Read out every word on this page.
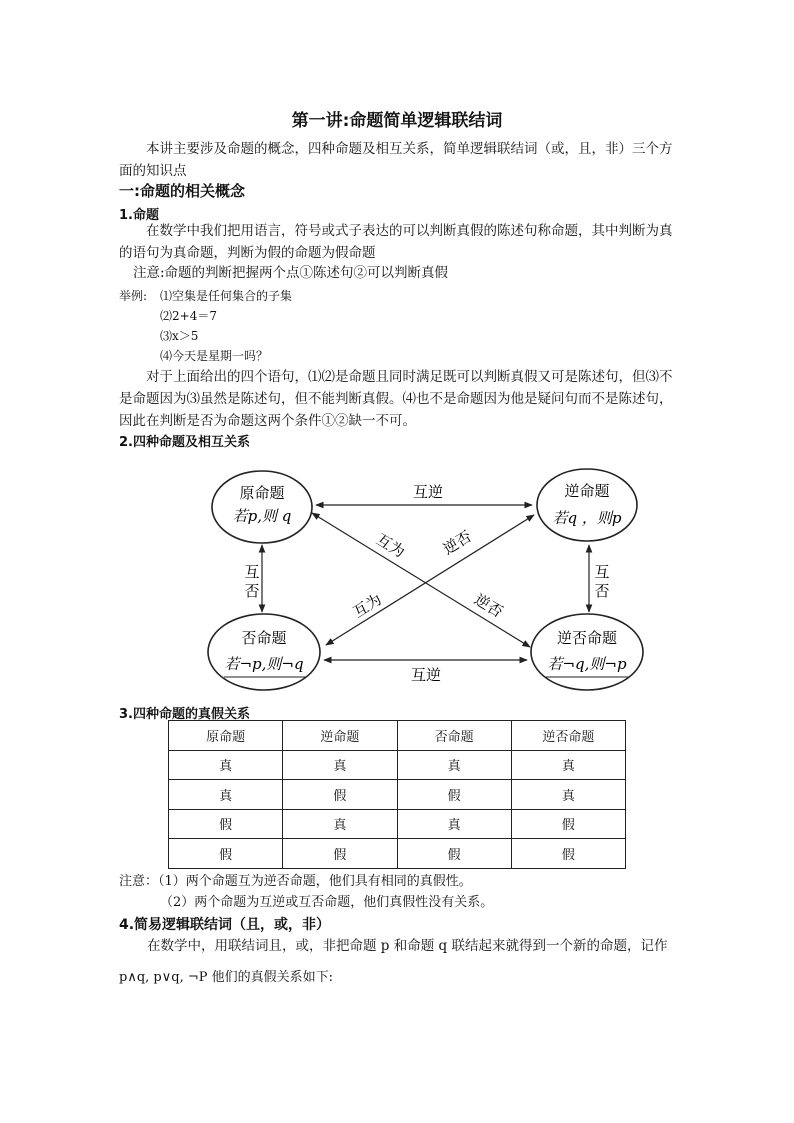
第一讲:命题简单逻辑联结词
本讲主要涉及命题的概念，四种命题及相互关系，简单逻辑联结词（或，且，非）三个方面的知识点
一:命题的相关概念
1.命题
在数学中我们把用语言，符号或式子表达的可以判断真假的陈述句称命题，其中判断为真的语句为真命题，判断为假的命题为假命题
注意:命题的判断把握两个点①陈述句②可以判断真假
举例: ⑴空集是任何集合的子集
⑵2+4＝7
⑶x＞5
⑷今天是星期一吗？
对于上面给出的四个语句，⑴⑵是命题且同时满足既可以判断真假又可是陈述句，但⑶不是命题因为⑶虽然是陈述句，但不能判断真假。⑷也不是命题因为他是疑问句而不是陈述句，因此在判断是否为命题这两个条件①②缺一不可。
2.四种命题及相互关系
原命题
若p,则 q
逆命题
若q ，则p
否命题
若¬p,则¬q
逆否命题
若¬q,则¬p
互逆
互逆
互
否
互
否
互为 逆否
互为	逆否
3.四种命题的真假关系
原命题	逆命题	否命题	逆否命题
真	真	真	真
真	假	假	真
假	真	真	假
假	假	假	假
注意：（1）两个命题互为逆否命题，他们具有相同的真假性。
（2）两个命题为互逆或互否命题，他们真假性没有关系。
4.简易逻辑联结词（且，或，非）
在数学中，用联结词且，或，非把命题 p 和命题 q 联结起来就得到一个新的命题，记作
p∧q, p∨q, ¬P 他们的真假关系如下:
